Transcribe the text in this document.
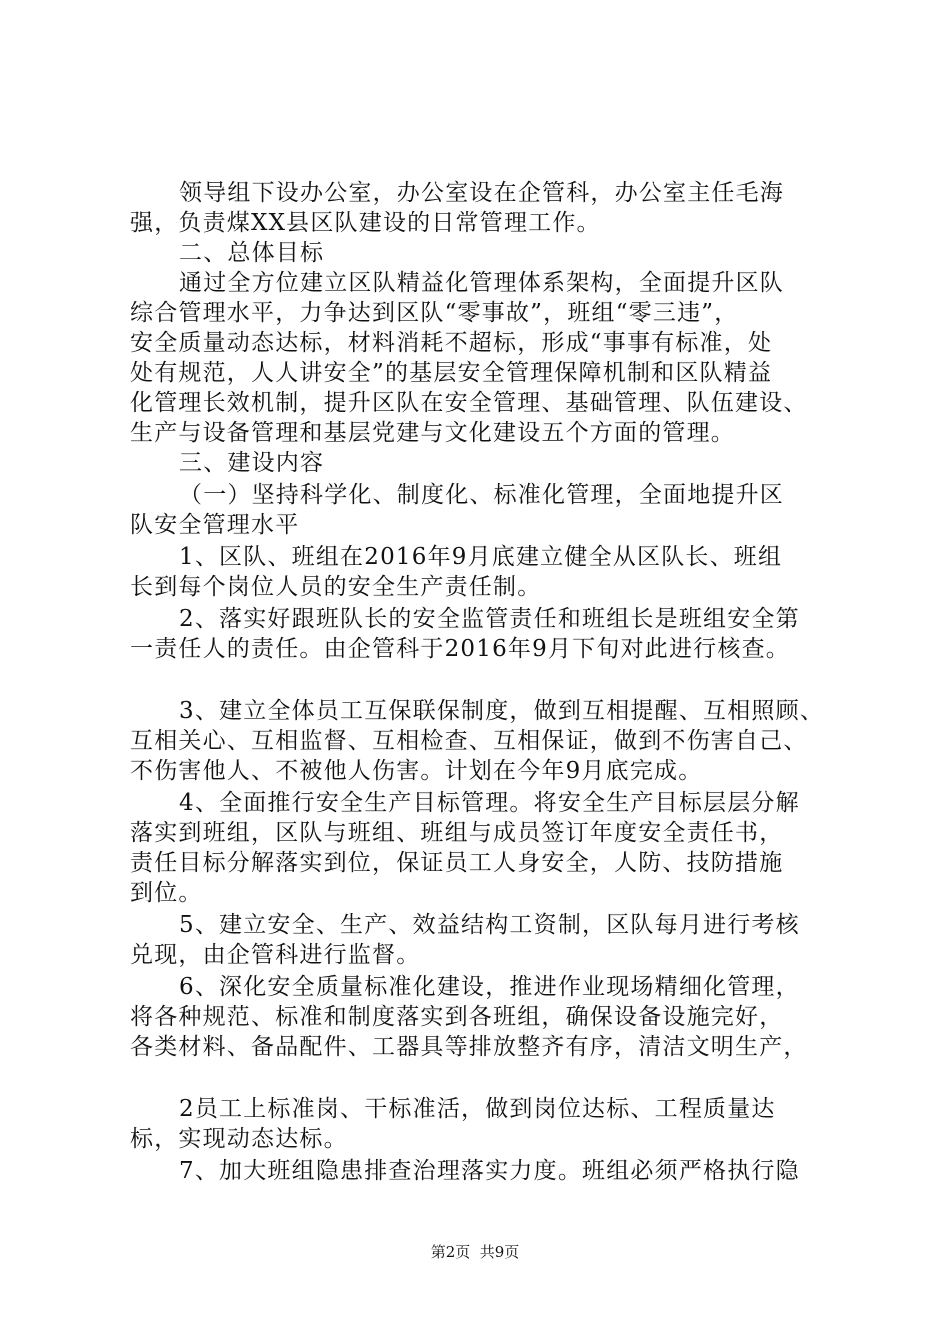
领导组下设办公室，办公室设在企管科，办公室主任毛海
强，负责煤XX县区队建设的日常管理工作。
二、总体目标
通过全方位建立区队精益化管理体系架构，全面提升区队
综合管理水平，力争达到区队“零事故”，班组“零三违”，
安全质量动态达标，材料消耗不超标，形成“事事有标准，处
处有规范，人人讲安全”的基层安全管理保障机制和区队精益
化管理长效机制，提升区队在安全管理、基础管理、队伍建设、
生产与设备管理和基层党建与文化建设五个方面的管理。
三、建设内容
（一）坚持科学化、制度化、标准化管理，全面地提升区
队安全管理水平
1、区队、班组在2016年9月底建立健全从区队长、班组
长到每个岗位人员的安全生产责任制。
2、落实好跟班队长的安全监管责任和班组长是班组安全第
一责任人的责任。由企管科于2016年9月下旬对此进行核查。
3、建立全体员工互保联保制度，做到互相提醒、互相照顾、
互相关心、互相监督、互相检查、互相保证，做到不伤害自己、
不伤害他人、不被他人伤害。计划在今年9月底完成。
4、全面推行安全生产目标管理。将安全生产目标层层分解
落实到班组，区队与班组、班组与成员签订年度安全责任书，
责任目标分解落实到位，保证员工人身安全，人防、技防措施
到位。
5、建立安全、生产、效益结构工资制，区队每月进行考核
兑现，由企管科进行监督。
6、深化安全质量标准化建设，推进作业现场精细化管理，
将各种规范、标准和制度落实到各班组，确保设备设施完好，
各类材料、备品配件、工器具等排放整齐有序，清洁文明生产，
2员工上标准岗、干标准活，做到岗位达标、工程质量达
标，实现动态达标。
7、加大班组隐患排查治理落实力度。班组必须严格执行隐
第2页  共9页
